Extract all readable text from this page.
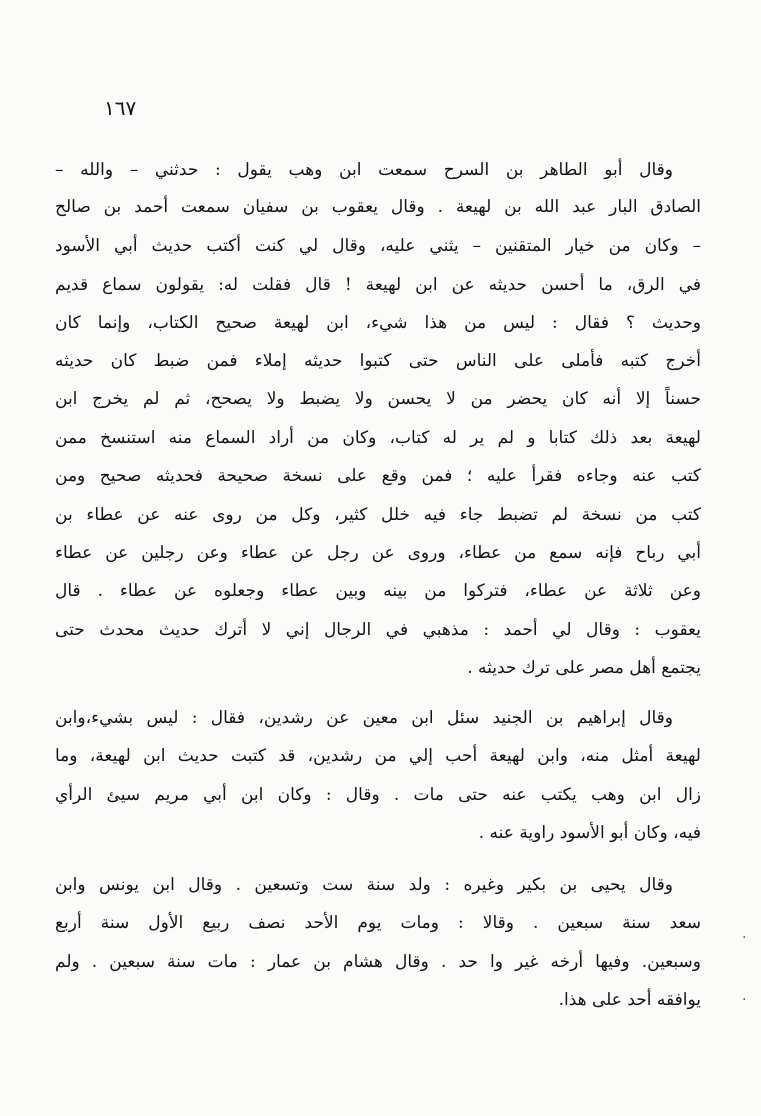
١٦٧
وقال أبو الطاهر بن السرح سمعت ابن وهب يقول : حدثني – والله –
الصادق البار عبد الله بن لهيعة . وقال يعقوب بن سفيان سمعت أحمد بن صالح
– وكان من خيار المتقنين – يثني عليه، وقال لي كنت أكتب حديث أبي الأسود
في الرق، ما أحسن حديثه عن ابن لهيعة ! قال فقلت له: يقولون سماع قديم
وحديث ؟ فقال : ليس من هذا شيء، ابن لهيعة صحيح الكتاب، وإنما كان
أخرج كتبه فأملى على الناس حتى كتبوا حديثه إملاء فمن ضبط كان حديثه
حسناً إلا أنه كان يحضر من لا يحسن ولا يضبط ولا يصحح، ثم لم يخرج ابن
لهيعة بعد ذلك كتابا و لم ير له كتاب، وكان من أراد السماع منه استنسخ ممن
كتب عنه وجاءه فقرأ عليه ؛ فمن وقع على نسخة صحيحة فحديثه صحيح ومن
كتب من نسخة لم تضبط جاء فيه خلل كثير، وكل من روى عنه عن عطاء بن
أبي رباح فإنه سمع من عطاء، وروى عن رجل عن عطاء وعن رجلين عن عطاء
وعن ثلاثة عن عطاء، فتركوا من بينه وبين عطاء وجعلوه عن عطاء . قال
يعقوب : وقال لي أحمد : مذهبي في الرجال إني لا أترك حديث محدث حتى
يجتمع أهل مصر على ترك حديثه .
وقال إبراهيم بن الجنيد سئل ابن معين عن رشدين، فقال : ليس بشيء،وابن
لهيعة أمثل منه، وابن لهيعة أحب إلي من رشدين، قد كتبت حديث ابن لهيعة، وما
زال ابن وهب يكتب عنه حتى مات . وقال : وكان ابن أبي مريم سيئ الرأي
فيه، وكان أبو الأسود راوية عنه .
وقال يحيى بن بكير وغيره : ولد سنة ست وتسعين . وقال ابن يونس وابن
سعد سنة سبعين . وقالا : ومات يوم الأحد نصف ربيع الأول سنة أربع
وسبعين. وفيها أرخه غير وا حد . وقال هشام بن عمار : مات سنة سبعين . ولم
يوافقه أحد على هذا.
·
·
